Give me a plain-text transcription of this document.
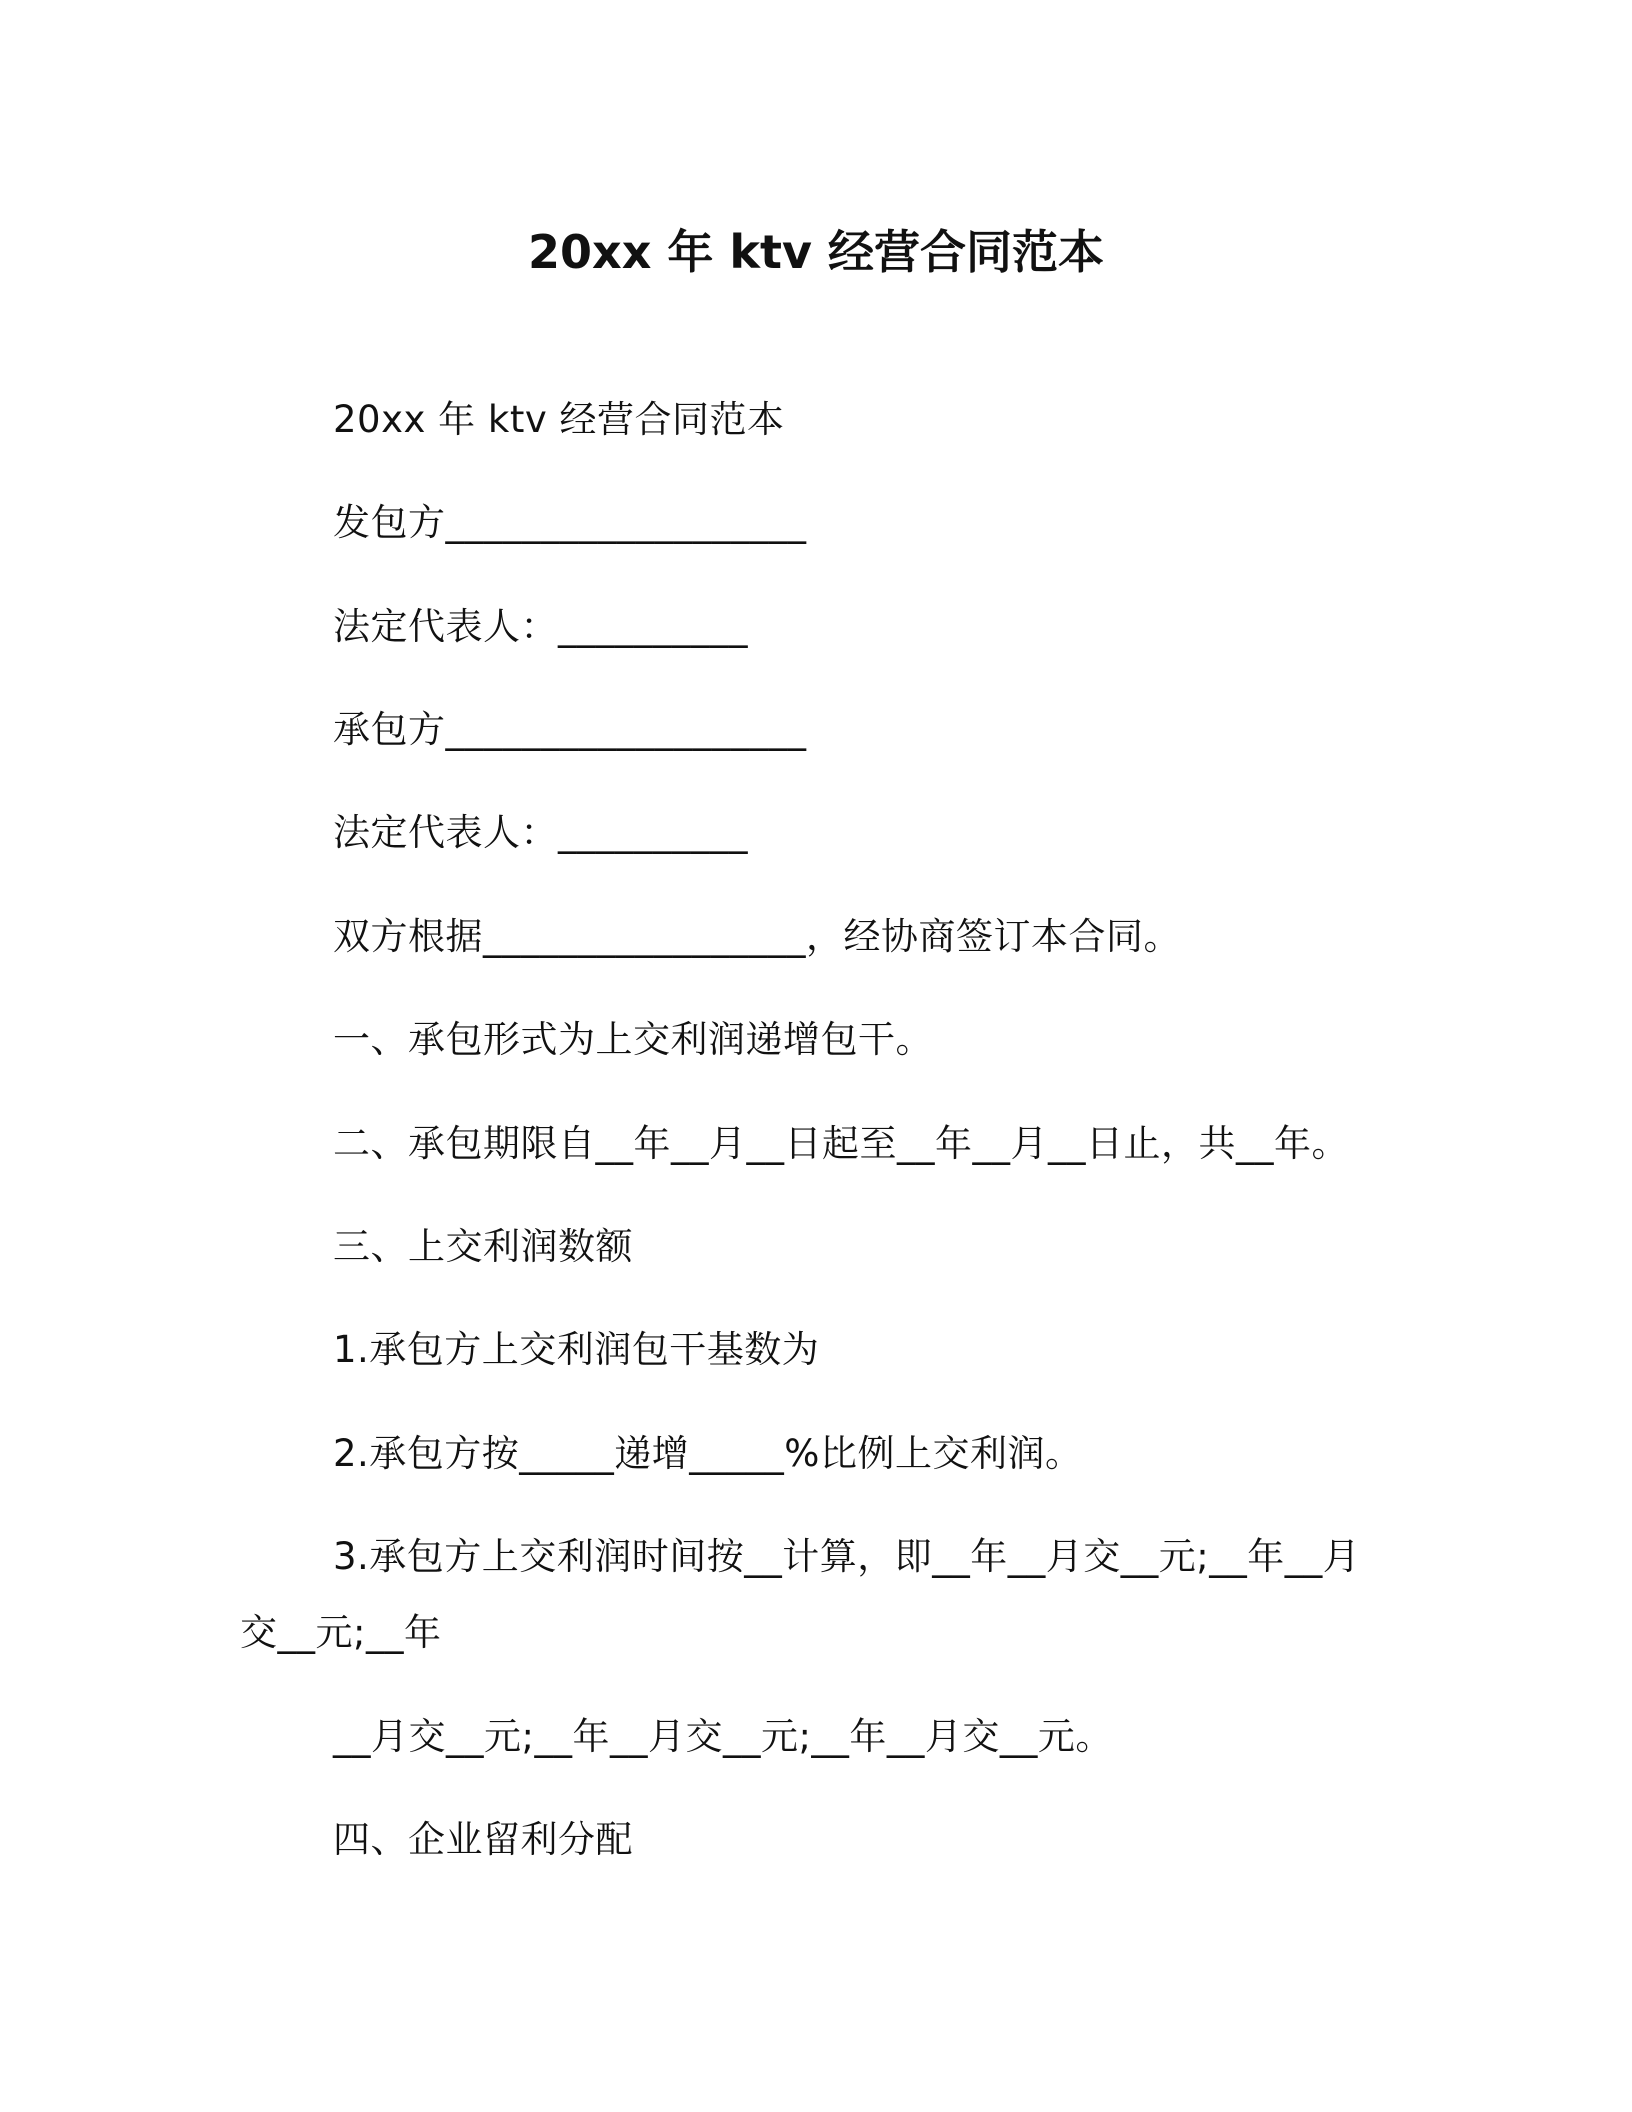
20xx 年 ktv 经营合同范本
20xx 年 ktv 经营合同范本
发包方___________________
法定代表人：__________
承包方___________________
法定代表人：__________
双方根据_________________，经协商签订本合同。
一、承包形式为上交利润递增包干。
二、承包期限自__年__月__日起至__年__月__日止，共__年。
三、上交利润数额
1.承包方上交利润包干基数为
2.承包方按_____递增_____%比例上交利润。
3.承包方上交利润时间按__计算，即__年__月交__元;__年__月
交__元;__年
__月交__元;__年__月交__元;__年__月交__元。
四、企业留利分配
